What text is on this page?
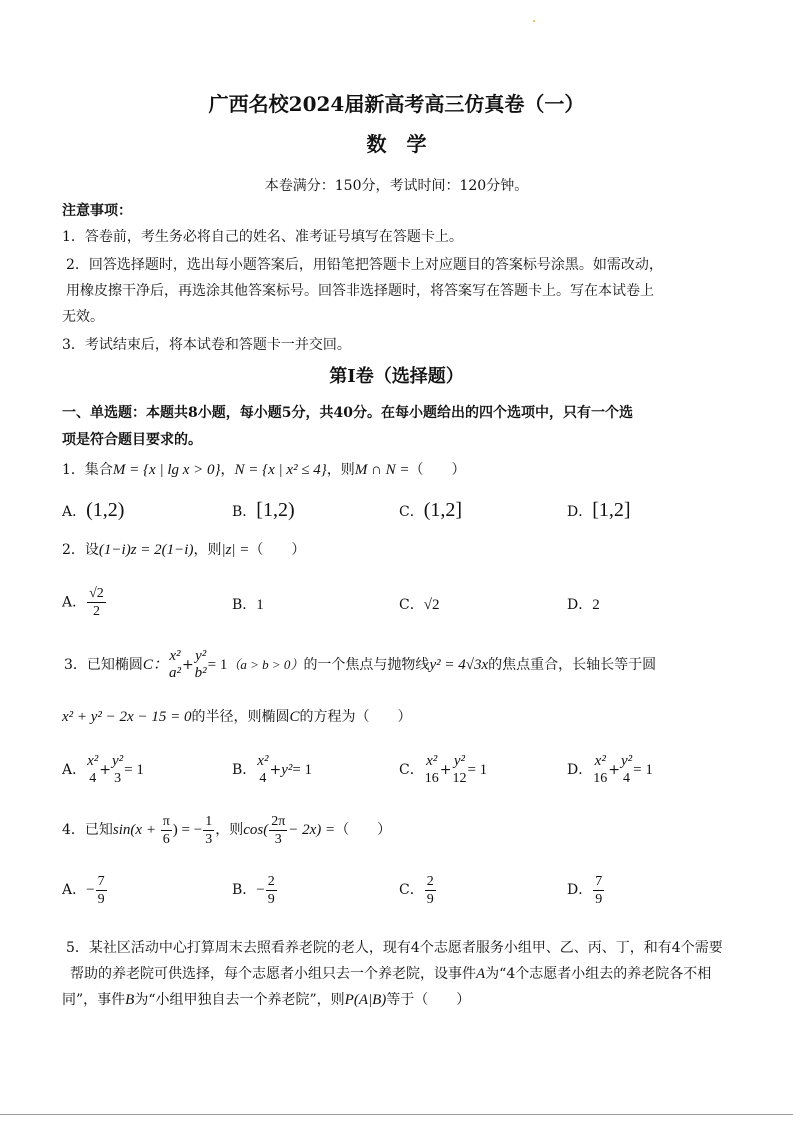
广西名校2024届新高考高三仿真卷（一）
数　学
本卷满分：150分，考试时间：120分钟。
注意事项：
1．答卷前，考生务必将自己的姓名、准考证号填写在答题卡上。
2．回答选择题时，选出每小题答案后，用铅笔把答题卡上对应题目的答案标号涂黑。如需改动，
用橡皮擦干净后，再选涂其他答案标号。回答非选择题时，将答案写在答题卡上。写在本试卷上
无效。
3．考试结束后，将本试卷和答题卡一并交回。
第Ⅰ卷（选择题）
一、单选题：本题共8小题，每小题5分，共40分。在每小题给出的四个选项中，只有一个选
项是符合题目要求的。
1．集合M = {x | lg x > 0}，N = {x | x² ≤ 4}，则M ∩ N =（　　）
A．(1,2)	B．[1,2)	C．(1,2]	D．[1,2]
2．设(1−i)z = 2(1−i)，则|z| =（　　）
A． $\frac{√2}{2}$	B．1	C．√2	D．2
3．已知椭圆C：
x²
a² +
y²
b² = 1（a > b > 0）的一个焦点与抛物线y² = 4√3x的焦点重合，长轴长等于圆
x² + y² − 2x − 15 = 0的半径，则椭圆C的方程为（　　）
A．
x²
4
+
y²
3
= 1	B．
x²
4
+y²= 1	C．
x²
16
+
y²
12
= 1	D．
x²
16
+
y²
4
= 1
4．已知$\sin(x + \frac{\pi}{6}$ ) = − $\frac{1}{3}$ ，则$\cos( \frac{2\pi}{3} - 2x)$ =（　　）
A．− $\frac{7}{9}$	B．− $\frac{2}{9}$	C． $\frac{2}{9}$	D． $\frac{7}{9}$
5．某社区活动中心打算周末去照看养老院的老人，现有4个志愿者服务小组甲、乙、丙、丁，和有4个需要
帮助的养老院可供选择，每个志愿者小组只去一个养老院，设事件A为“4个志愿者小组去的养老院各不相
同”，事件B为“小组甲独自去一个养老院”，则P(A|B)等于（　　）
